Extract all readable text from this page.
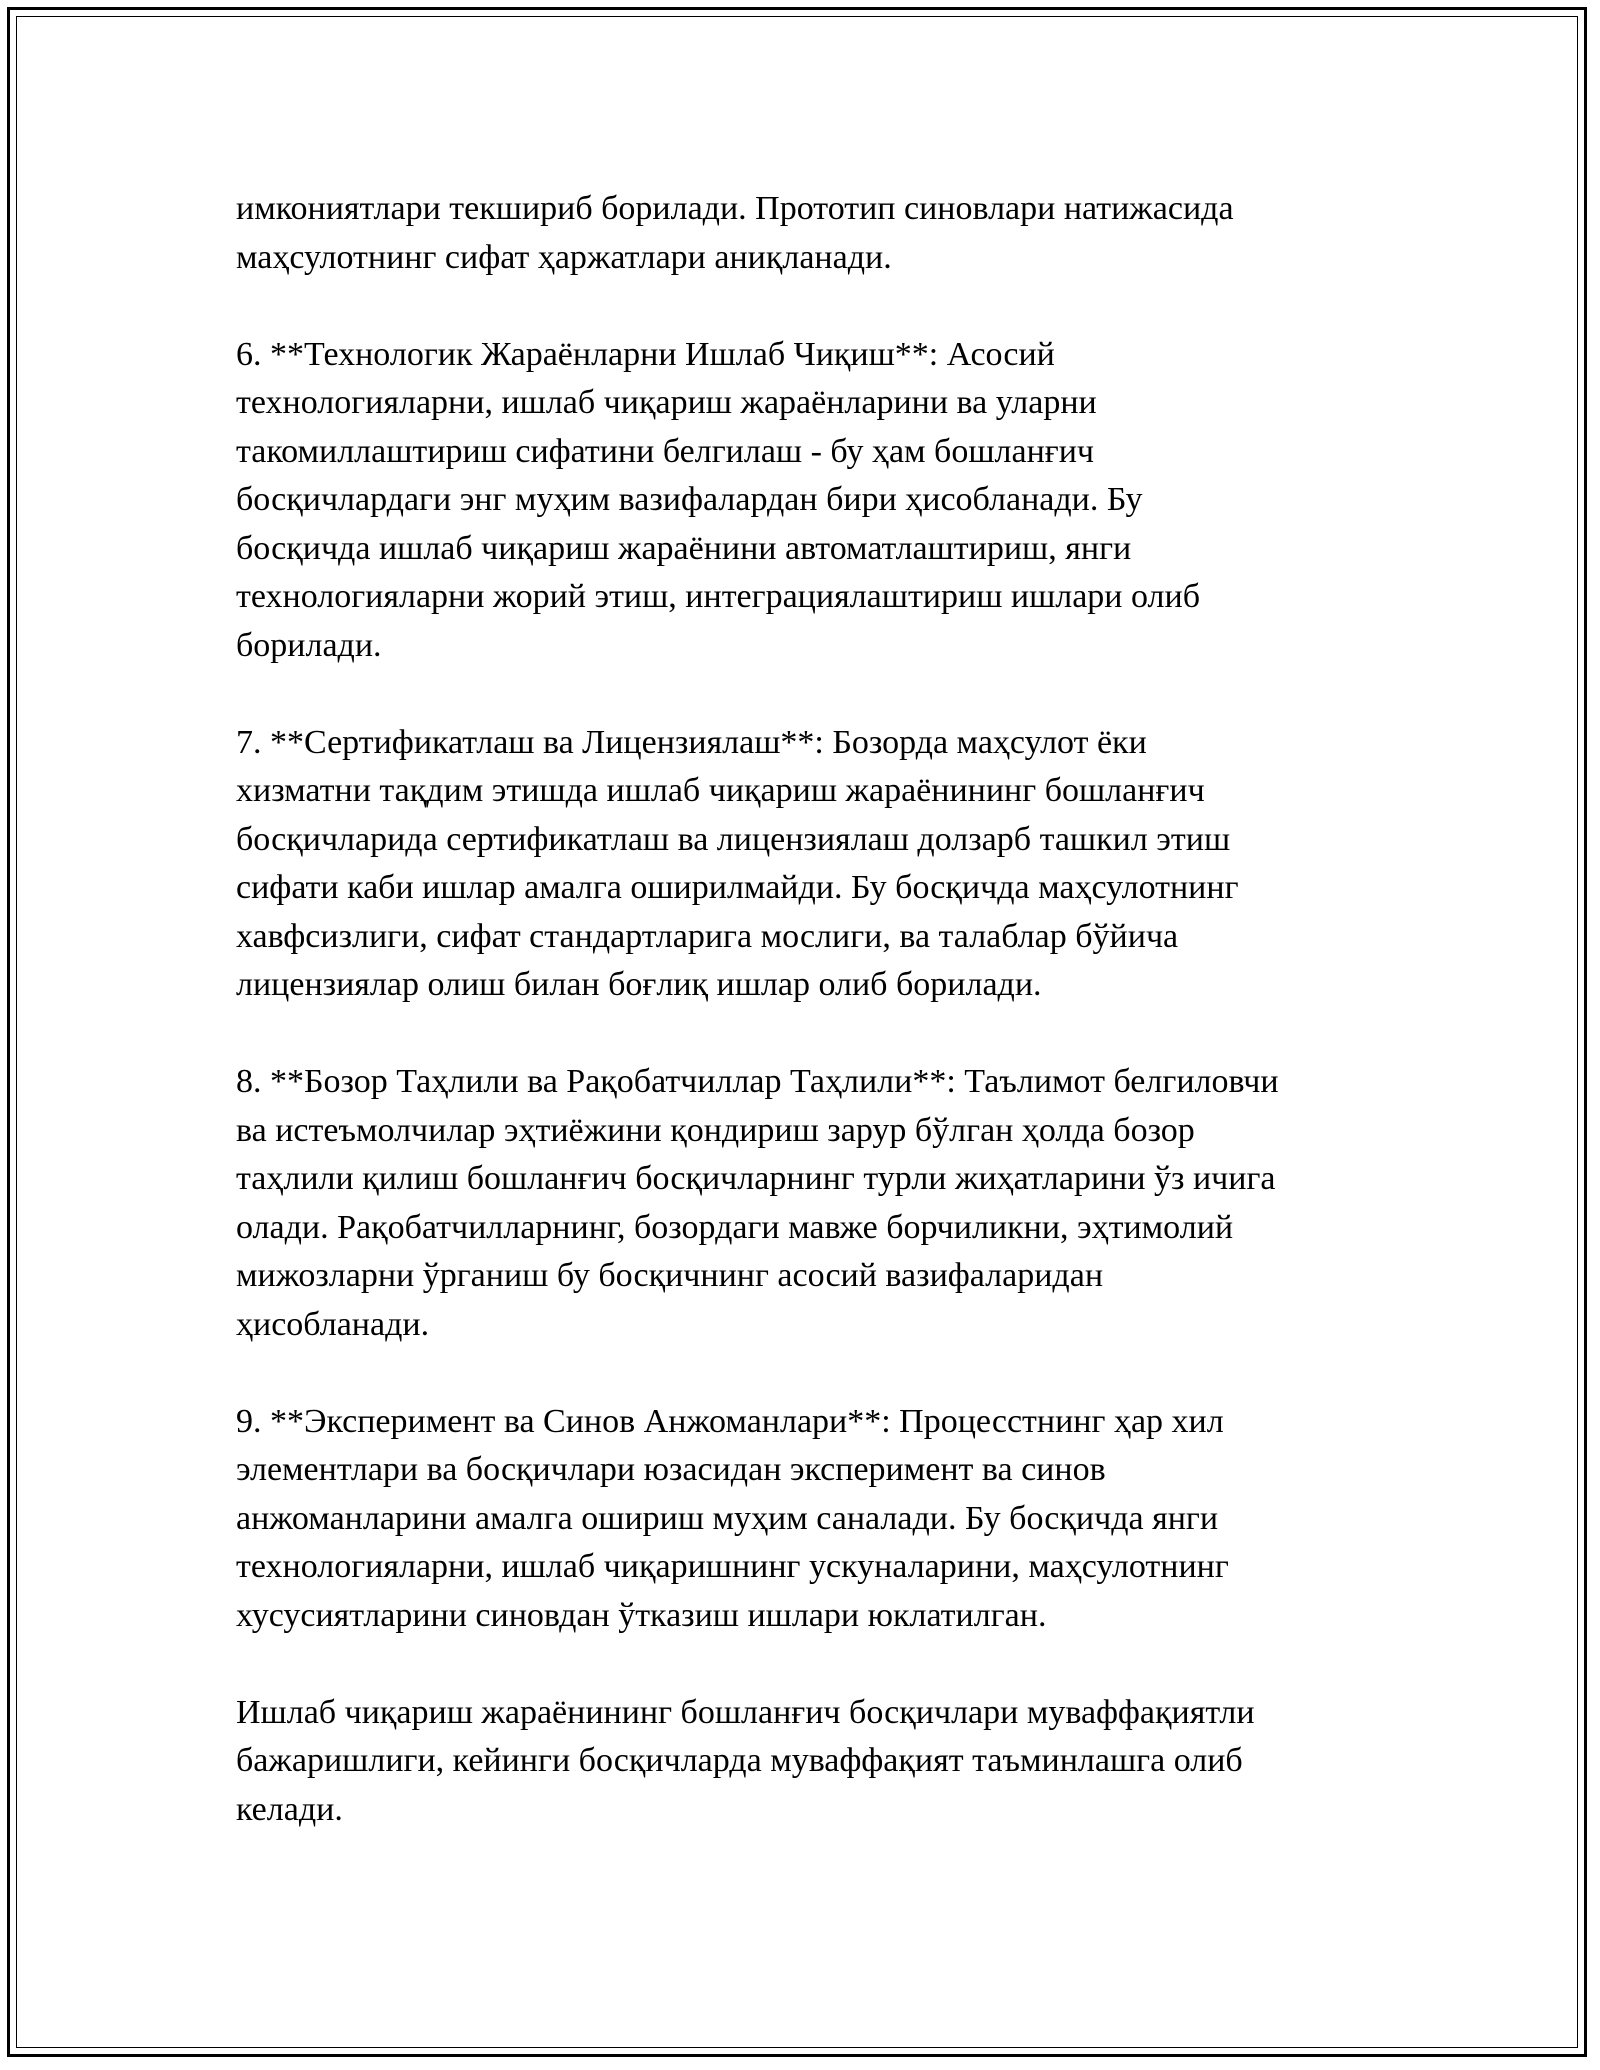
имкониятлари текшириб борилади. Прототип синовлари натижасида
маҳсулотнинг сифат ҳаржатлари аниқланади.

6. **Технологик Жараёнларни Ишлаб Чиқиш**: Асосий
технологияларни, ишлаб чиқариш жараёнларини ва уларни
такомиллаштириш сифатини белгилаш - бу ҳам бошланғич
босқичлардаги энг муҳим вазифалардан бири ҳисобланади. Бу
босқичда ишлаб чиқариш жараёнини автоматлаштириш, янги
технологияларни жорий этиш, интеграциялаштириш ишлари олиб
борилади.

7. **Сертификатлаш ва Лицензиялаш**: Бозорда маҳсулот ёки
хизматни тақдим этишда ишлаб чиқариш жараёнининг бошланғич
босқичларида сертификатлаш ва лицензиялаш долзарб ташкил этиш
сифати каби ишлар амалга оширилмайди. Бу босқичда маҳсулотнинг
хавфсизлиги, сифат стандартларига мослиги, ва талаблар бўйича
лицензиялар олиш билан боғлиқ ишлар олиб борилади.

8. **Бозор Таҳлили ва Рақобатчиллар Таҳлили**: Таълимот белгиловчи
ва истеъмолчилар эҳтиёжини қондириш зарур бўлган ҳолда бозор
таҳлили қилиш бошланғич босқичларнинг турли жиҳатларини ўз ичига
олади. Рақобатчилларнинг, бозордаги мавже борчиликни, эҳтимолий
мижозларни ўрганиш бу босқичнинг асосий вазифаларидан
ҳисобланади.

9. **Эксперимент ва Синов Анжоманлари**: Процесстнинг ҳар хил
элементлари ва босқичлари юзасидан эксперимент ва синов
анжоманларини амалга ошириш муҳим саналади. Бу босқичда янги
технологияларни, ишлаб чиқаришнинг ускуналарини, маҳсулотнинг
хусусиятларини синовдан ўтказиш ишлари юклатилган.

Ишлаб чиқариш жараёнининг бошланғич босқичлари муваффақиятли
бажаришлиги, кейинги босқичларда муваффақият таъминлашга олиб
келади.
